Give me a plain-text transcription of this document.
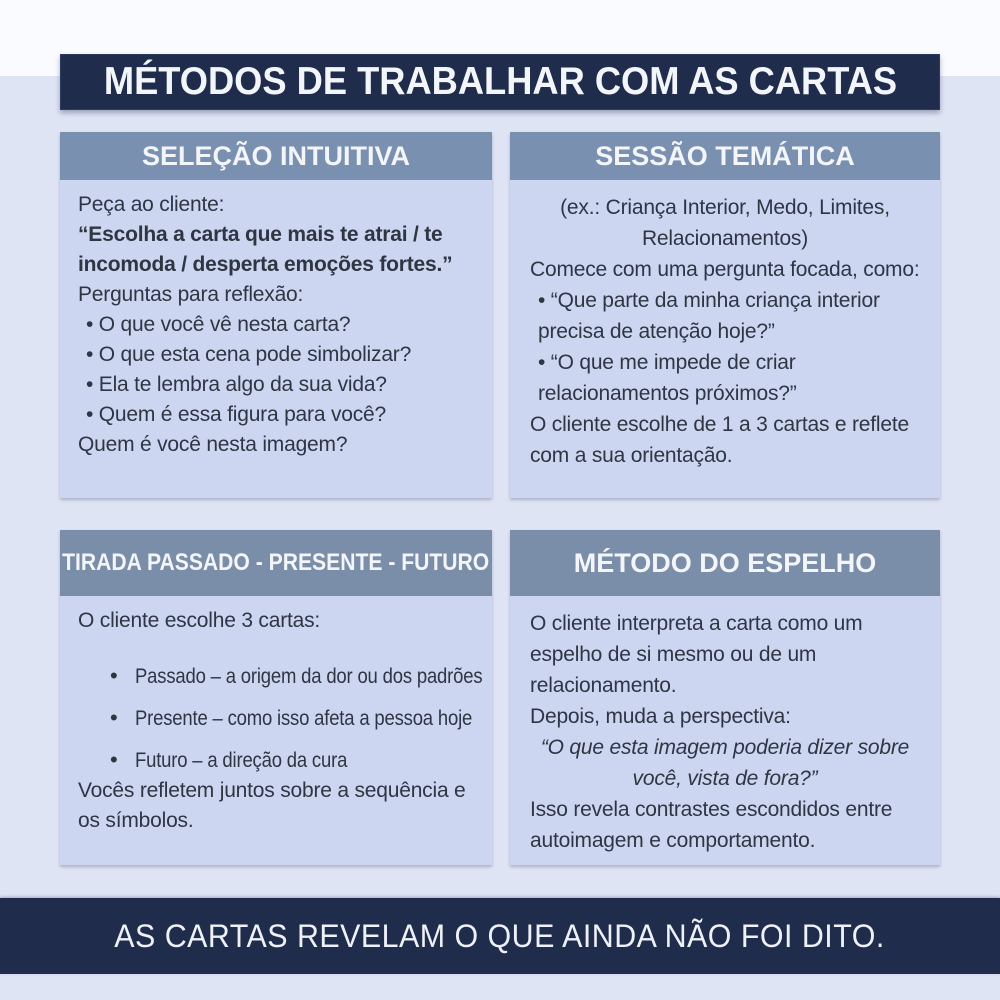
MÉTODOS DE TRABALHAR COM AS CARTAS
SELEÇÃO INTUITIVA

Peça ao cliente:

“Escolha a carta que mais te atrai / te incomoda / desperta emoções fortes.”

Perguntas para reflexão:

• O que você vê nesta carta?

• O que esta cena pode simbolizar?

• Ela te lembra algo da sua vida?

• Quem é essa figura para você?

Quem é você nesta imagem?

SESSÃO TEMÁTICA

(ex.: Criança Interior, Medo, Limites, Relacionamentos)

Comece com uma pergunta focada, como:

• “Que parte da minha criança interior precisa de atenção hoje?”

• “O que me impede de criar relacionamentos próximos?”

O cliente escolhe de 1 a 3 cartas e reflete com a sua orientação.

TIRADA PASSADO - PRESENTE - FUTURO

O cliente escolhe 3 cartas:

• Passado – a origem da dor ou dos padrões
• Presente – como isso afeta a pessoa hoje
• Futuro – a direção da cura

Vocês refletem juntos sobre a sequência e os símbolos.

MÉTODO DO ESPELHO

O cliente interpreta a carta como um espelho de si mesmo ou de um relacionamento.

Depois, muda a perspectiva:

“O que esta imagem poderia dizer sobre você, vista de fora?”

Isso revela contrastes escondidos entre autoimagem e comportamento.

AS CARTAS REVELAM O QUE AINDA NÃO FOI DITO.
